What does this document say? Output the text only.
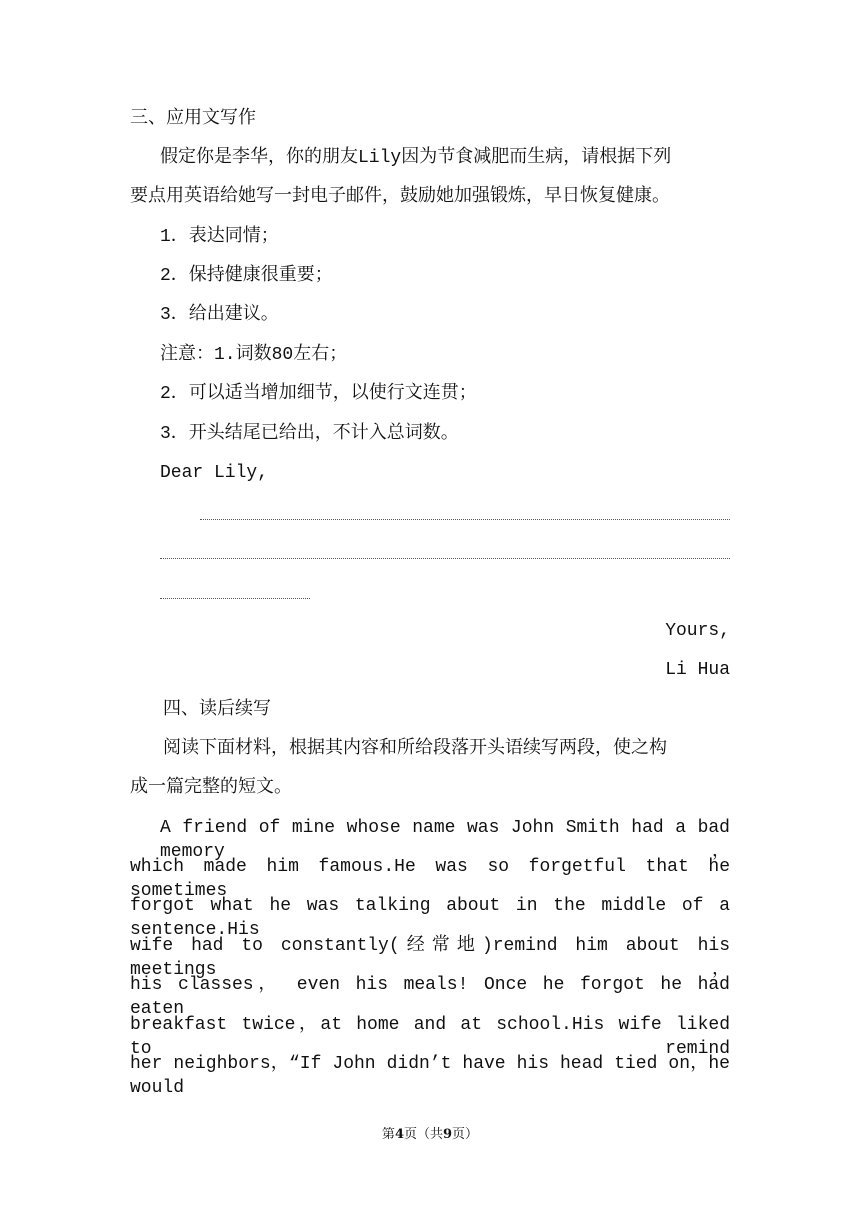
三、应用文写作
假定你是李华，你的朋友Lily因为节食减肥而生病，请根据下列
要点用英语给她写一封电子邮件，鼓励她加强锻炼，早日恢复健康。
1．表达同情；
2．保持健康很重要；
3．给出建议。
注意：1.词数80左右；
2．可以适当增加细节，以使行文连贯；
3．开头结尾已给出，不计入总词数。
Dear Lily,
Yours,
Li Hua
四、读后续写
阅读下面材料，根据其内容和所给段落开头语续写两段，使之构
成一篇完整的短文。
A friend of mine whose name was John Smith had a bad memory，
which made him famous.He was so forgetful that he sometimes
forgot what he was talking about in the middle of a sentence.His
wife had to constantly(经常地)remind him about his meetings，
his classes， even his meals! Once he forgot he had eaten
breakfast twice，at home and at school.His wife liked to remind
her neighbors，“If John didn’t have his head tied on，he would
第4页（共9页）
